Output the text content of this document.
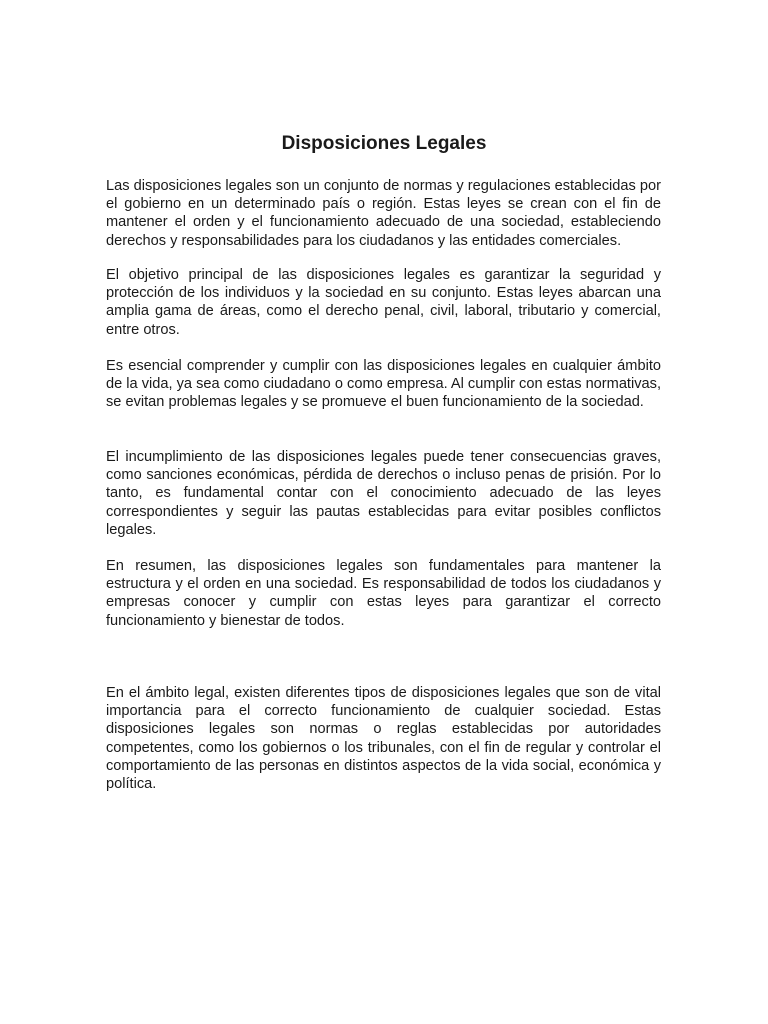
Disposiciones Legales

Las disposiciones legales son un conjunto de normas y regulaciones establecidas por el gobierno en un determinado país o región. Estas leyes se crean con el fin de mantener el orden y el funcionamiento adecuado de una sociedad, estableciendo derechos y responsabilidades para los ciudadanos y las entidades comerciales.

El objetivo principal de las disposiciones legales es garantizar la seguridad y protección de los individuos y la sociedad en su conjunto. Estas leyes abarcan una amplia gama de áreas, como el derecho penal, civil, laboral, tributario y comercial, entre otros.

Es esencial comprender y cumplir con las disposiciones legales en cualquier ámbito de la vida, ya sea como ciudadano o como empresa. Al cumplir con estas normativas, se evitan problemas legales y se promueve el buen funcionamiento de la sociedad.

El incumplimiento de las disposiciones legales puede tener consecuencias graves, como sanciones económicas, pérdida de derechos o incluso penas de prisión. Por lo tanto, es fundamental contar con el conocimiento adecuado de las leyes correspondientes y seguir las pautas establecidas para evitar posibles conflictos legales.

En resumen, las disposiciones legales son fundamentales para mantener la estructura y el orden en una sociedad. Es responsabilidad de todos los ciudadanos y empresas conocer y cumplir con estas leyes para garantizar el correcto funcionamiento y bienestar de todos.

En el ámbito legal, existen diferentes tipos de disposiciones legales que son de vital importancia para el correcto funcionamiento de cualquier sociedad. Estas disposiciones legales son normas o reglas establecidas por autoridades competentes, como los gobiernos o los tribunales, con el fin de regular y controlar el comportamiento de las personas en distintos aspectos de la vida social, económica y política.
